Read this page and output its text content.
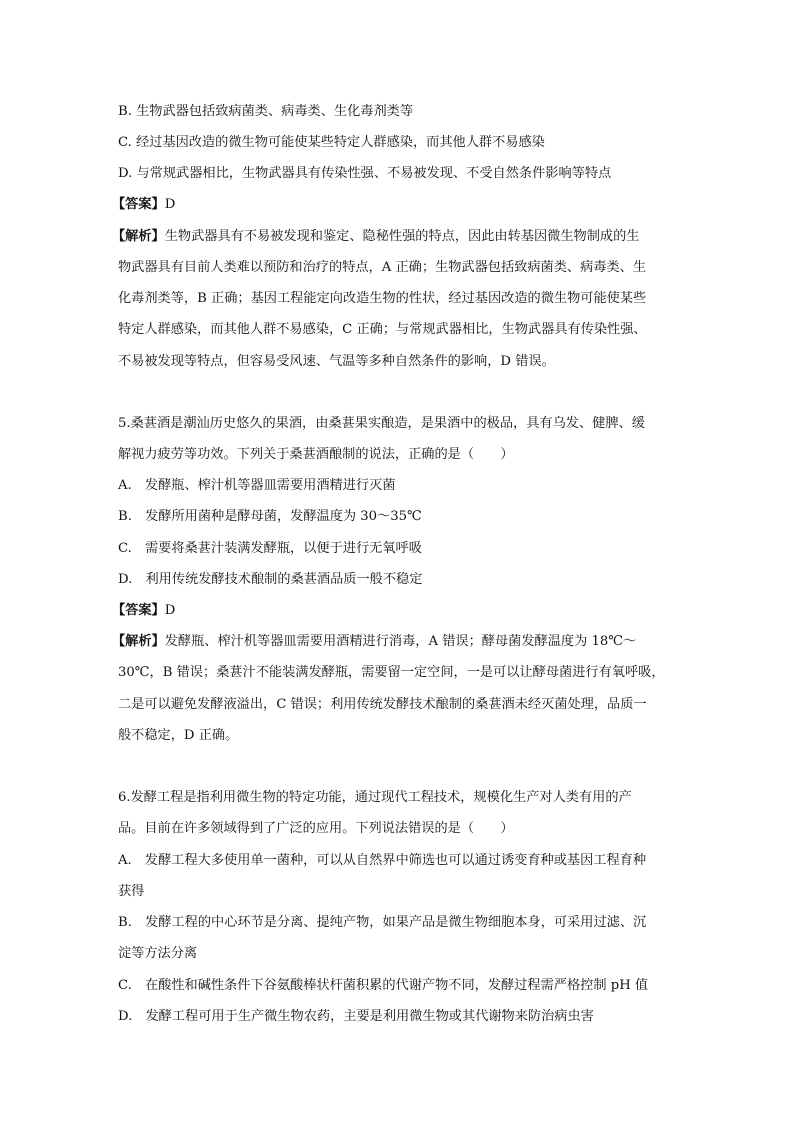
B. 生物武器包括致病菌类、病毒类、生化毒剂类等
C. 经过基因改造的微生物可能使某些特定人群感染，而其他人群不易感染
D. 与常规武器相比，生物武器具有传染性强、不易被发现、不受自然条件影响等特点
【答案】D
【解析】生物武器具有不易被发现和鉴定、隐秘性强的特点，因此由转基因微生物制成的生
物武器具有目前人类难以预防和治疗的特点，A 正确；生物武器包括致病菌类、病毒类、生
化毒剂类等，B 正确；基因工程能定向改造生物的性状，经过基因改造的微生物可能使某些
特定人群感染，而其他人群不易感染，C 正确；与常规武器相比，生物武器具有传染性强、
不易被发现等特点，但容易受风速、气温等多种自然条件的影响，D 错误。
5.桑葚酒是潮汕历史悠久的果酒，由桑葚果实酿造，是果酒中的极品，具有乌发、健脾、缓
解视力疲劳等功效。下列关于桑葚酒酿制的说法，正确的是（　　）
A.　发酵瓶、榨汁机等器皿需要用酒精进行灭菌
B.　发酵所用菌种是酵母菌，发酵温度为 30～35℃
C.　需要将桑葚汁装满发酵瓶，以便于进行无氧呼吸
D.　利用传统发酵技术酿制的桑葚酒品质一般不稳定
【答案】D
【解析】发酵瓶、榨汁机等器皿需要用酒精进行消毒，A 错误；酵母菌发酵温度为 18℃～
30℃，B 错误；桑葚汁不能装满发酵瓶，需要留一定空间，一是可以让酵母菌进行有氧呼吸，
二是可以避免发酵液溢出，C 错误；利用传统发酵技术酿制的桑葚酒未经灭菌处理，品质一
般不稳定，D 正确。
6.发酵工程是指利用微生物的特定功能，通过现代工程技术，规模化生产对人类有用的产
品。目前在许多领域得到了广泛的应用。下列说法错误的是（　　）
A.　发酵工程大多使用单一菌种，可以从自然界中筛选也可以通过诱变育种或基因工程育种
获得
B.　发酵工程的中心环节是分离、提纯产物，如果产品是微生物细胞本身，可采用过滤、沉
淀等方法分离
C.　在酸性和碱性条件下谷氨酸棒状杆菌积累的代谢产物不同，发酵过程需严格控制 pH 值
D.　发酵工程可用于生产微生物农药，主要是利用微生物或其代谢物来防治病虫害
